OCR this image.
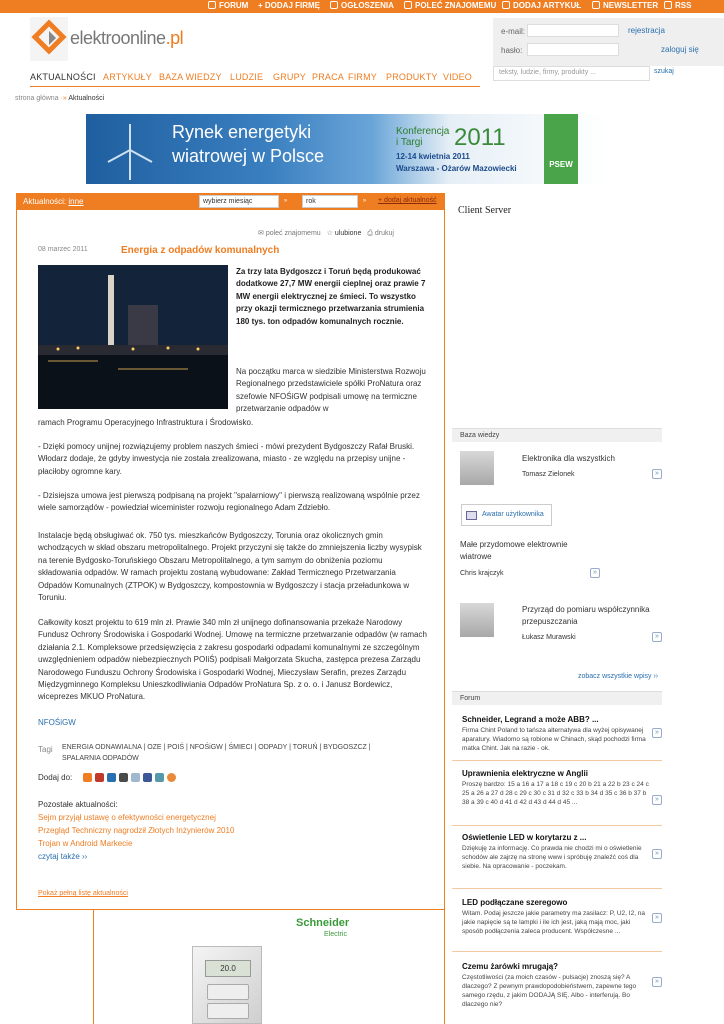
FORUM + DODAJ FIRMĘ	OGŁOSZENIA	POLEĆ ZNAJOMEMU	DODAJ ARTYKUŁ	NEWSLETTER	RSS
elektroonline.pl	e-mail:	rejestracja
hasło:	zaloguj się
AKTUALNOŚCI ARTYKUŁY BAZA WIEDZY LUDZIE GRUPY PRACA FIRMY PRODUKTY VIDEO	teksty, ludzie, firmy, produkty ...	szukaj
strona główna ·» Aktualności
Rynek energetyki
wiatrowej w Polsce
Konferencja
i Targi 2011
12-14 kwietnia 2011
Warszawa - Ożarów Mazowiecki	PSEW
Aktualności: inne	wybierz miesiąc	»	rok	»	+ dodaj aktualność
✉ poleć znajomemu ☆ ulubione ⎙ drukuj
08 marzec 2011	Energia z odpadów komunalnych
Za trzy lata Bydgoszcz i Toruń będą produkować dodatkowe 27,7 MW energii cieplnej oraz prawie 7 MW energii elektrycznej ze śmieci. To wszystko przy okazji termicznego przetwarzania strumienia 180 tys. ton odpadów komunalnych rocznie.
Na początku marca w siedzibie Ministerstwa Rozwoju Regionalnego przedstawiciele spółki ProNatura oraz szefowie NFOŚiGW podpisali umowę na termiczne przetwarzanie odpadów w
ramach Programu Operacyjnego Infrastruktura i Środowisko.
- Dzięki pomocy unijnej rozwiązujemy problem naszych śmieci - mówi prezydent Bydgoszczy Rafał Bruski. Włodarz dodaje, że gdyby inwestycja nie została zrealizowana, miasto - ze względu na przepisy unijne - płaciłoby ogromne kary.
- Dzisiejsza umowa jest pierwszą podpisaną na projekt "spalarniowy" i pierwszą realizowaną wspólnie przez wiele samorządów - powiedział wiceminister rozwoju regionalnego Adam Zdziebło.
Instalacje będą obsługiwać ok. 750 tys. mieszkańców Bydgoszczy, Torunia oraz okolicznych gmin wchodzących w skład obszaru metropolitalnego. Projekt przyczyni się także do zmniejszenia liczby wysypisk na terenie Bydgosko-Toruńskiego Obszaru Metropolitalnego, a tym samym do obniżenia poziomu składowania odpadów. W ramach projektu zostaną wybudowane: Zakład Termicznego Przetwarzania Odpadów Komunalnych (ZTPOK) w Bydgoszczy, kompostownia w Bydgoszczy i stacja przeładunkowa w Toruniu.
Całkowity koszt projektu to 619 mln zł. Prawie 340 mln zł unijnego dofinansowania przekaże Narodowy Fundusz Ochrony Środowiska i Gospodarki Wodnej. Umowę na termiczne przetwarzanie odpadów (w ramach działania 2.1. Kompleksowe przedsięwzięcia z zakresu gospodarki odpadami komunalnymi ze szczególnym uwzględnieniem odpadów niebezpiecznych POIiŚ) podpisali Małgorzata Skucha, zastępca prezesa Zarządu Narodowego Funduszu Ochrony Środowiska i Gospodarki Wodnej, Mieczysław Serafin, prezes Zarządu Międzygminnego Kompleksu Unieszkodliwiania Odpadów ProNatura Sp. z o. o. i Janusz Bordewicz, wiceprezes MKUO ProNatura.
NFOŚiGW
Tagi ENERGIA ODNAWIALNA | OZE | POIŚ | NFOŚiGW | ŚMIECI | ODPADY | TORUŃ | BYDGOSZCZ | SPALARNIA ODPADÓW
Dodaj do:
Pozostałe aktualności:
Sejm przyjął ustawę o efektywności energetycznej
Przegląd Techniczny nagrodził Złotych Inżynierów 2010
Trojan w Android Markecie
czytaj także ››
Pokaż pełną listę aktualności
Client Server
Baza wiedzy
Elektronika dla wszystkich
Tomasz Zielonek	»
Awatar użytkownika
Małe przydomowe elektrownie wiatrowe
Chris krajczyk	»
Przyrząd do pomiaru współczynnika przepuszczania
Łukasz Murawski	»
zobacz wszystkie wpisy ››
Forum
Schneider, Legrand a może ABB? ...
Firma Chint Poland to tańsza alternatywa dla wyżej opisywanej aparatury. Wiadomo są robione w Chinach, skąd pochodzi firma matka Chint. Jak na razie - ok.
»
Uprawnienia elektryczne w Anglii
Proszę bardzo: 15 a 16 a 17 a 18 c 19 c 20 b 21 a 22 b 23 c 24 c 25 a 26 a 27 d 28 c 29 c 30 c 31 d 32 c 33 b 34 d 35 c 36 b 37 b 38 a 39 c 40 d 41 d 42 d 43 d 44 d 45 ...	»
Oświetlenie LED w korytarzu z ...
Dziękuję za informację. Co prawda nie chodzi mi o oświetlenie schodów ale zajrzę na stronę www i spróbuję znaleźć coś dla siebie. Na opracowanie - poczekam.
»
LED podłączane szeregowo
Witam. Podaj jeszcze jakie parametry ma zasilacz: P, U2, I2, na jakie napięcie są te lampki i ile ich jest, jaką mają moc, jaki sposób podłączenia zaleca producent. Współczesne ...
»
Czemu żarówki mrugają?
Częstotliwości (za moich czasów - pulsacje) znoszą się? A dlaczego? Z pewnym prawdopodobieństwem, zapewne tego samego rzędu, z jakim DODAJĄ SIĘ. Albo - interferują. Bo dlaczego nie?
»
Schneider
Electric
20.0
